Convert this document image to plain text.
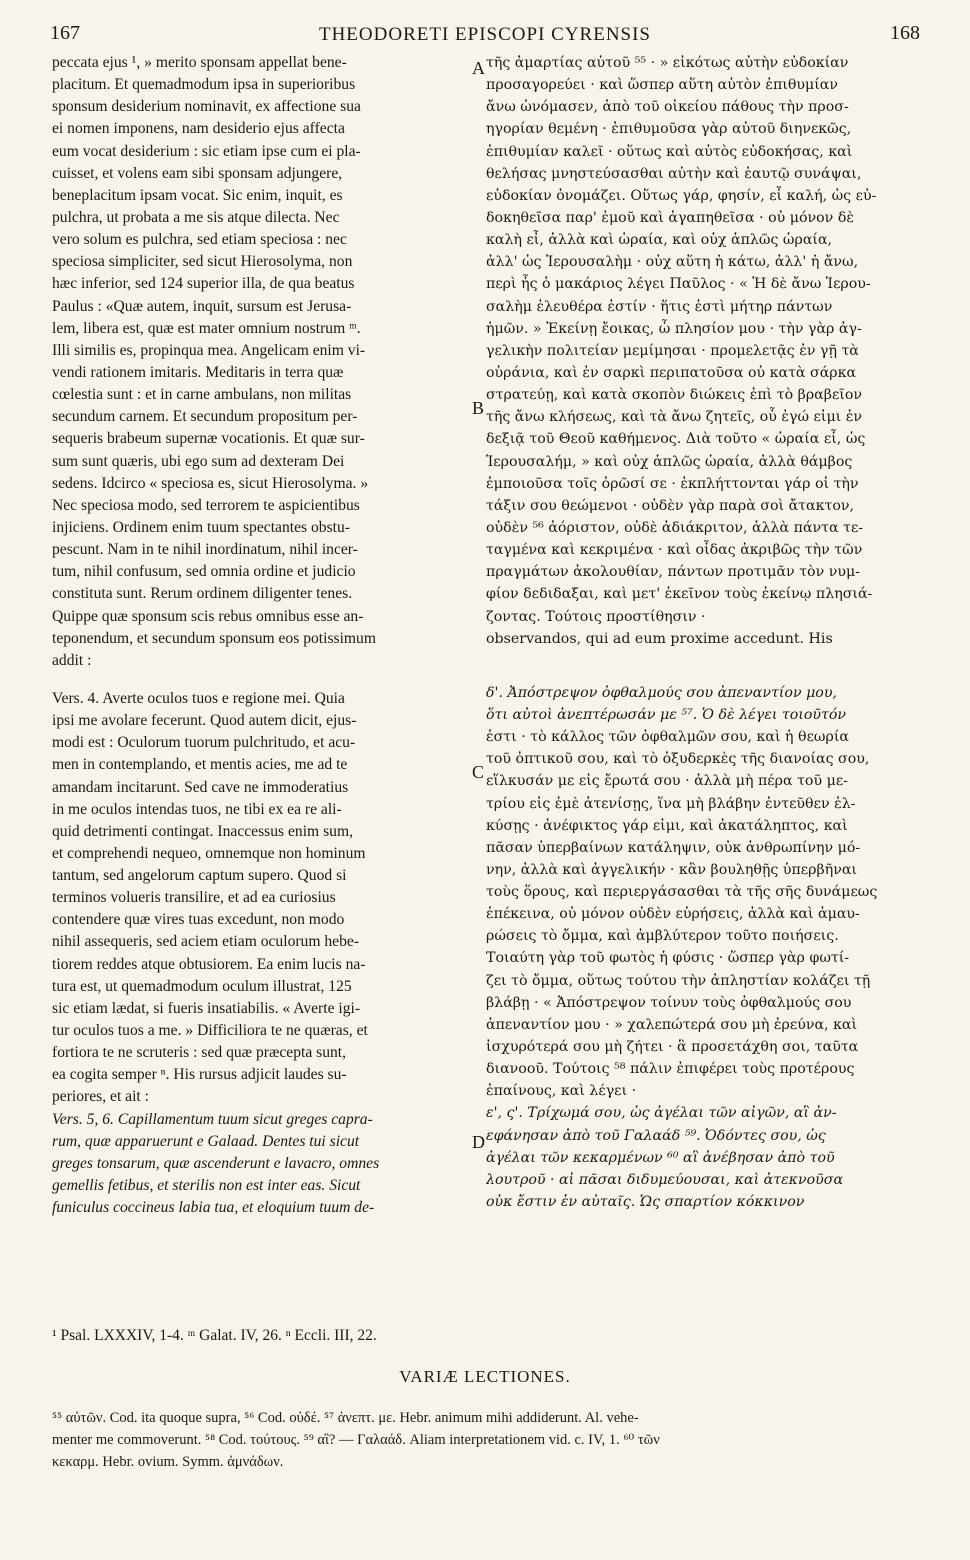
167	THEODORETI EPISCOPI CYRENSIS	168
peccata ejus ¹, » merito sponsam appellat bene-
placitum. Et quemadmodum ipsa in superioribus
sponsum desiderium nominavit, ex affectione sua
ei nomen imponens, nam desiderio ejus affecta
eum vocat desiderium : sic etiam ipse cum ei pla-
cuisset, et volens eam sibi sponsam adjungere,
beneplacitum ipsam vocat. Sic enim, inquit, es
pulchra, ut probata a me sis atque dilecta. Nec
vero solum es pulchra, sed etiam speciosa : nec
speciosa simpliciter, sed sicut Hierosolyma, non
hæc inferior, sed 124 superior illa, de qua beatus
Paulus : «Quæ autem, inquit, sursum est Jerusa-
lem, libera est, quæ est mater omnium nostrum ᵐ.
Illi similis es, propinqua mea. Angelicam enim vi-
vendi rationem imitaris. Meditaris in terra quæ
cœlestia sunt : et in carne ambulans, non militas
secundum carnem. Et secundum propositum per-
sequeris brabeum supernæ vocationis. Et quæ sur-
sum sunt quæris, ubi ego sum ad dexteram Dei
sedens. Idcirco « speciosa es, sicut Hierosolyma. »
Nec speciosa modo, sed terrorem te aspicientibus
injiciens. Ordinem enim tuum spectantes obstu-
pescunt. Nam in te nihil inordinatum, nihil incer-
tum, nihil confusum, sed omnia ordine et judicio
constituta sunt. Rerum ordinem diligenter tenes.
Quippe quæ sponsum scis rebus omnibus esse an-
teponendum, et secundum sponsum eos potissimum
addit :
Vers. 4. Averte oculos tuos e regione mei. Quia
ipsi me avolare fecerunt. Quod autem dicit, ejus-
modi est : Oculorum tuorum pulchritudo, et acu-
men in contemplando, et mentis acies, me ad te
amandam incitarunt. Sed cave ne immoderatius
in me oculos intendas tuos, ne tibi ex ea re ali-
quid detrimenti contingat. Inaccessus enim sum,
et comprehendi nequeo, omnemque non hominum
tantum, sed angelorum captum supero. Quod si
terminos volueris transilire, et ad ea curiosius
contendere quæ vires tuas excedunt, non modo
nihil assequeris, sed aciem etiam oculorum hebe-
tiorem reddes atque obtusiorem. Ea enim lucis na-
tura est, ut quemadmodum oculum illustrat, 125
sic etiam lædat, si fueris insatiabilis. « Averte igi-
tur oculos tuos a me. » Difficiliora te ne quæras, et
fortiora te ne scruteris : sed quæ præcepta sunt,
ea cogita semper ⁿ. His rursus adjicit laudes su-
periores, et ait :
Vers. 5, 6. Capillamentum tuum sicut greges capra-
rum, quæ apparuerunt e Galaad. Dentes tui sicut
greges tonsarum, quæ ascenderunt e lavacro, omnes
gemellis fetibus, et sterilis non est inter eas. Sicut
funiculus coccineus labia tua, et eloquium tuum de-
τῆς ἁμαρτίας αὐτοῦ ⁵⁵ · » εἰκότως αὐτὴν εὐδοκίαν
προσαγορεύει · καὶ ὥσπερ αὕτη αὐτὸν ἐπιθυμίαν
ἄνω ὠνόμασεν, ἀπὸ τοῦ οἰκείου πάθους τὴν προσ-
ηγορίαν θεμένη · ἐπιθυμοῦσα γὰρ αὐτοῦ διηνεκῶς,
ἐπιθυμίαν καλεῖ · οὕτως καὶ αὐτὸς εὐδοκήσας, καὶ
θελήσας μνηστεύσασθαι αὐτὴν καὶ ἑαυτῷ συνάψαι,
εὐδοκίαν ὀνομάζει. Οὕτως γάρ, φησίν, εἶ καλή, ὡς εὐ-
δοκηθεῖσα παρ' ἐμοῦ καὶ ἀγαπηθεῖσα · οὐ μόνον δὲ
καλὴ εἶ, ἀλλὰ καὶ ὡραία, καὶ οὐχ ἁπλῶς ὡραία,
ἀλλ' ὡς Ἱερουσαλὴμ · οὐχ αὕτη ἡ κάτω, ἀλλ' ἡ ἄνω,
περὶ ἧς ὁ μακάριος λέγει Παῦλος · « Ἡ δὲ ἄνω Ἱερου-
σαλὴμ ἐλευθέρα ἐστίν · ἥτις ἐστὶ μήτηρ πάντων
ἡμῶν. » Ἐκείνῃ ἔοικας, ὦ πλησίον μου · τὴν γὰρ ἀγ-
γελικὴν πολιτείαν μεμίμησαι · προμελετᾷς ἐν γῇ τὰ
οὐράνια, καὶ ἐν σαρκὶ περιπατοῦσα οὐ κατὰ σάρκα
στρατεύῃ, καὶ κατὰ σκοπὸν διώκεις ἐπὶ τὸ βραβεῖον
τῆς ἄνω κλήσεως, καὶ τὰ ἄνω ζητεῖς, οὗ ἐγώ εἰμι ἐν
δεξιᾷ τοῦ Θεοῦ καθήμενος. Διὰ τοῦτο « ὡραία εἶ, ὡς
Ἱερουσαλήμ, » καὶ οὐχ ἁπλῶς ὡραία, ἀλλὰ θάμβος
ἐμποιοῦσα τοῖς ὁρῶσί σε · ἐκπλήττονται γάρ οἱ τὴν
τάξιν σου θεώμενοι · οὐδὲν γὰρ παρὰ σοὶ ἄτακτον,
οὐδὲν ⁵⁶ ἀόριστον, οὐδὲ ἀδιάκριτον, ἀλλὰ πάντα τε-
ταγμένα καὶ κεκριμένα · καὶ οἶδας ἀκριβῶς τὴν τῶν
πραγμάτων ἀκολουθίαν, πάντων προτιμᾶν τὸν νυμ-
φίον δεδιδαξαι, καὶ μετ' ἐκεῖνον τοὺς ἐκείνῳ πλησιά-
ζοντας. Τούτοις προστίθησιν ·
observandos, qui ad eum proxime accedunt. His
δ'. Ἀπόστρεψον ὀφθαλμούς σου ἀπεναντίον μου,
ὅτι αὐτοὶ ἀνεπτέρωσάν με ⁵⁷. Ὁ δὲ λέγει τοιοῦτόν
ἐστι · τὸ κάλλος τῶν ὀφθαλμῶν σου, καὶ ἡ θεωρία
τοῦ ὀπτικοῦ σου, καὶ τὸ ὀξυδερκὲς τῆς διανοίας σου,
εἵλκυσάν με εἰς ἔρωτά σου · ἀλλὰ μὴ πέρα τοῦ με-
τρίου εἰς ἐμὲ ἀτενίσῃς, ἵνα μὴ βλάβην ἐντεῦθεν ἐλ-
κύσῃς · ἀνέφικτος γάρ εἰμι, καὶ ἀκατάληπτος, καὶ
πᾶσαν ὑπερβαίνων κατάληψιν, οὐκ ἀνθρωπίνην μό-
νην, ἀλλὰ καὶ ἀγγελικήν · κἂν βουληθῇς ὑπερβῆναι
τοὺς ὅρους, καὶ περιεργάσασθαι τὰ τῆς σῆς δυνάμεως
ἐπέκεινα, οὐ μόνον οὐδὲν εὑρήσεις, ἀλλὰ καὶ ἀμαυ-
ρώσεις τὸ ὄμμα, καὶ ἀμβλύτερον τοῦτο ποιήσεις.
Τοιαύτη γὰρ τοῦ φωτὸς ἡ φύσις · ὥσπερ γὰρ φωτί-
ζει τὸ ὄμμα, οὕτως τούτου τὴν ἀπληστίαν κολάζει τῇ
βλάβῃ · « Ἀπόστρεψον τοίνυν τοὺς ὀφθαλμούς σου
ἀπεναντίον μου · » χαλεπώτερά σου μὴ ἐρεύνα, καὶ
ἰσχυρότερά σου μὴ ζήτει · ἃ προσετάχθη σοι, ταῦτα
διανοοῦ. Τούτοις ⁵⁸ πάλιν ἐπιφέρει τοὺς προτέρους
ἐπαίνους, καὶ λέγει ·
ε', ς'. Τρίχωμά σου, ὡς ἀγέλαι τῶν αἰγῶν, αἳ ἀν-
εφάνησαν ἀπὸ τοῦ Γαλαάδ ⁵⁹. Ὀδόντες σου, ὡς
ἀγέλαι τῶν κεκαρμένων ⁶⁰ αἳ ἀνέβησαν ἀπὸ τοῦ
λουτροῦ · αἱ πᾶσαι διδυμεύουσαι, καὶ ἀτεκνοῦσα
οὐκ ἔστιν ἐν αὐταῖς. Ὡς σπαρτίον κόκκινον
A
B
C
D
¹ Psal. LXXXIV, 1-4. ᵐ Galat. IV, 26. ⁿ Eccli. III, 22.
VARIÆ LECTIONES.
⁵⁵ αὐτῶν. Cod. ita quoque supra, ⁵⁶ Cod. οὐδέ. ⁵⁷ ἀνεπτ. με. Hebr. animum mihi addiderunt. Al. vehe-
menter me commoverunt. ⁵⁸ Cod. τούτους. ⁵⁹ αἳ? — Γαλαάδ. Aliam interpretationem vid. c. IV, 1. ⁶⁰ τῶν
κεκαρμ. Hebr. ovium. Symm. ἀμνάδων.
